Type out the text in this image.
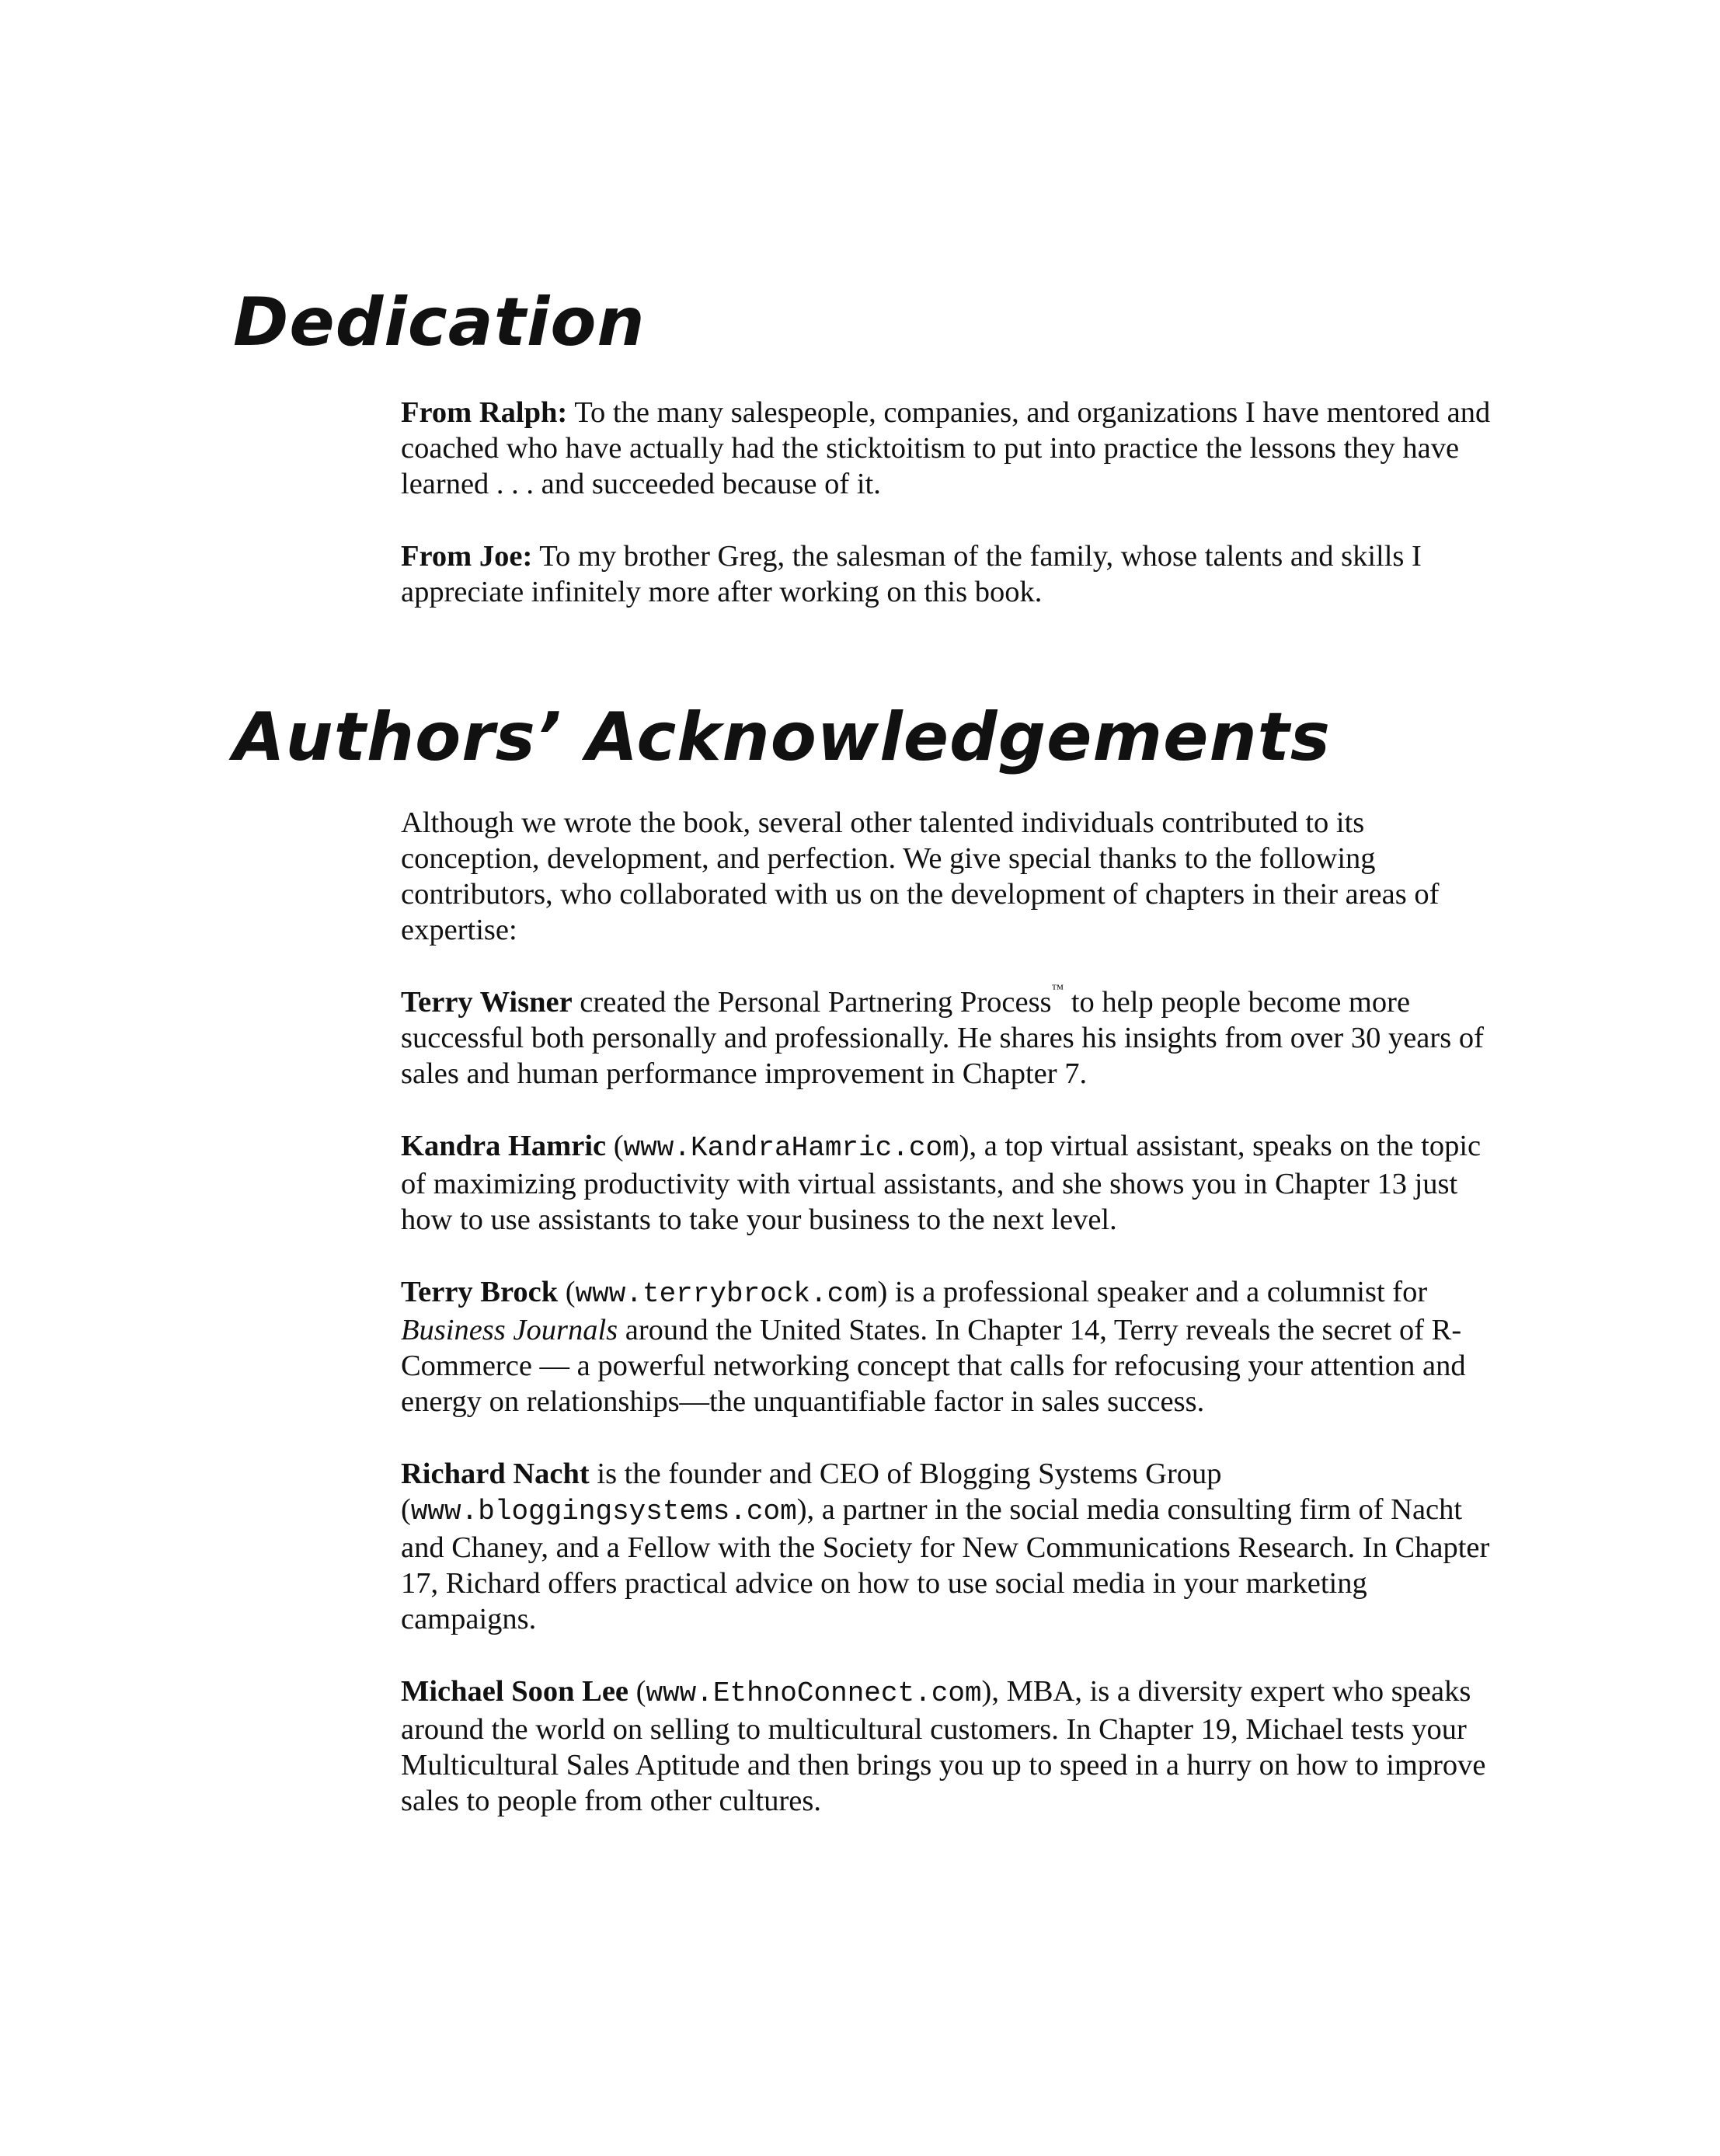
Dedication

From Ralph: To the many salespeople, companies, and organizations I have mentored and coached who have actually had the sticktoitism to put into practice the lessons they have learned . . . and succeeded because of it.

From Joe: To my brother Greg, the salesman of the family, whose talents and skills I appreciate infinitely more after working on this book.

Authors’ Acknowledgements

Although we wrote the book, several other talented individuals contributed to its conception, development, and perfection. We give special thanks to the following contributors, who collaborated with us on the development of chapters in their areas of expertise:

Terry Wisner created the Personal Partnering Process™ to help people become more successful both personally and professionally. He shares his insights from over 30 years of sales and human performance improvement in Chapter 7.

Kandra Hamric (www.KandraHamric.com), a top virtual assistant, speaks on the topic of maximizing productivity with virtual assistants, and she shows you in Chapter 13 just how to use assistants to take your business to the next level.

Terry Brock (www.terrybrock.com) is a professional speaker and a columnist for Business Journals around the United States. In Chapter 14, Terry reveals the secret of R-Commerce — a powerful networking concept that calls for refocusing your attention and energy on relationships—the unquantifiable factor in sales success.

Richard Nacht is the founder and CEO of Blogging Systems Group (www.bloggingsystems.com), a partner in the social media consulting firm of Nacht and Chaney, and a Fellow with the Society for New Communications Research. In Chapter 17, Richard offers practical advice on how to use social media in your marketing campaigns.

Michael Soon Lee (www.EthnoConnect.com), MBA, is a diversity expert who speaks around the world on selling to multicultural customers. In Chapter 19, Michael tests your Multicultural Sales Aptitude and then brings you up to speed in a hurry on how to improve sales to people from other cultures.
